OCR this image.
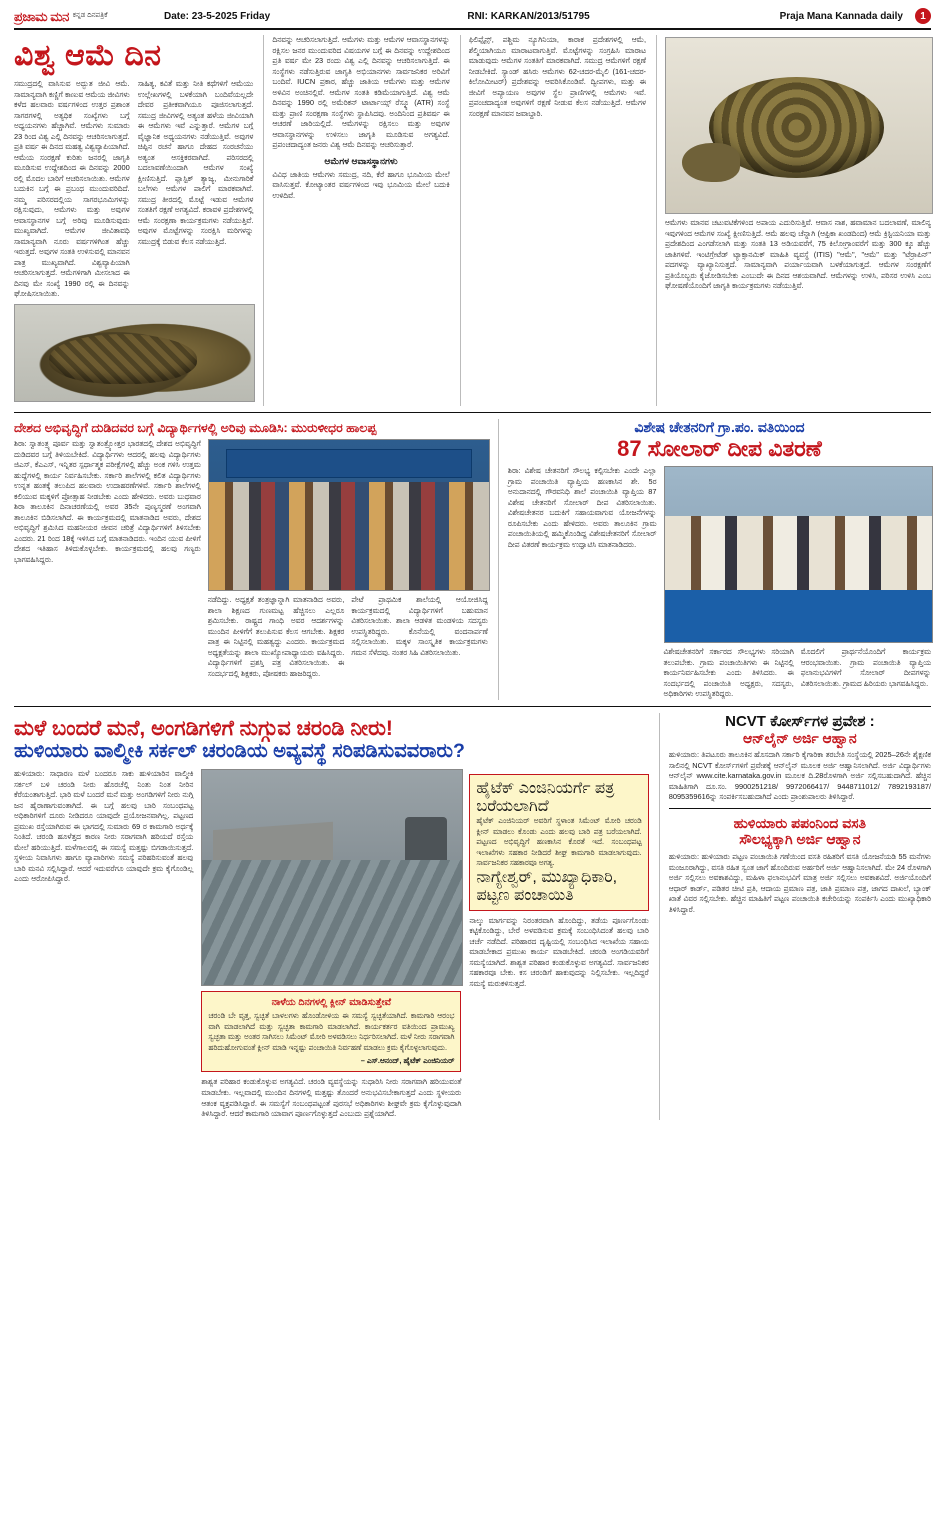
ಪ್ರಜಾಮ ಮನ ಕನ್ನಡ ದಿನಪತ್ರಿಕೆ	Date: 23-5-2025 Friday	RNI: KARKAN/2013/51795	Praja Mana Kannada daily	1
ವಿಶ್ವ ಆಮೆ ದಿನ
ಸಮುದ್ರದಲ್ಲಿ ವಾಸಿಸುವ ಅದ್ಭುತ ಜೀವಿ ಆಮೆ. ಸಾಮಾನ್ಯವಾಗಿ ಕಣ್ಣಿಗೆ ಕಾಣುವ ಆಮೆಯ ಜೀವಿಗಳು ಕಳೆದ ಹಲವಾರು ವರ್ಷಗಳಿಂದ ಉತ್ತರ ಪ್ರಶಾಂತ ಸಾಗರಗಳಲ್ಲಿ ಅತ್ಯಧಿಕ ಸಂಖ್ಯೆಗಳು ಬಗ್ಗೆ ಅಧ್ಯಯನಗಳು ಹೆಚ್ಚಾಗಿವೆ. ಆಮೆಗಳು ಸುಮಾರು 23 ರಿಂದ ವಿಶ್ವ ಎಲ್ಲಿ ದಿನವನ್ನು ಆಚರಿಸಲಾಗುತ್ತದೆ. ಪ್ರತಿ ವರ್ಷ ಈ ದಿನದ ಮಹತ್ವ ವಿಶ್ವವ್ಯಾಪಿಯಾಗಿದೆ. ಆಮೆಯ ಸಂರಕ್ಷಣೆ ಕುರಿತು ಜನರಲ್ಲಿ ಜಾಗೃತಿ ಮೂಡಿಸುವ ಉದ್ದೇಶದಿಂದ ಈ ದಿನವನ್ನು 2000 ರಲ್ಲಿ ಮೊದಲ ಬಾರಿಗೆ ಆಚರಿಸಲಾಯಿತು. ಆಮೆಗಳ ಬದುಕಿನ ಬಗ್ಗೆ ಈ ಪ್ರಬಂಧ ಮುಂದುವರಿದಿದೆ. ನಮ್ಮ ಪರಿಸರದಲ್ಲಿಯ ಸಾಗರಭೂಮಿಗಳನ್ನು ರಕ್ಷಿಸುವುದು, ಆಮೆಗಳು ಮತ್ತು ಅವುಗಳ ಆವಾಸಸ್ಥಾನಗಳ ಬಗ್ಗೆ ಅರಿವು ಮೂಡಿಸುವುದು ಮುಖ್ಯವಾಗಿದೆ. ಆಮೆಗಳ ಜೀವಿತಾವಧಿ ಸಾಮಾನ್ಯವಾಗಿ ನೂರು ವರ್ಷಗಳಿಗಿಂತ ಹೆಚ್ಚು ಇರುತ್ತದೆ. ಅವುಗಳ ಸಂತತಿ ಉಳಿಸುವಲ್ಲಿ ಮಾನವನ ಪಾತ್ರ ಮುಖ್ಯವಾಗಿದೆ. ವಿಶ್ವವ್ಯಾಪಿಯಾಗಿ ಆಚರಿಸಲಾಗುತ್ತದೆ. ಆಮೆಗಳಿಗಾಗಿ ಮೀಸಲಾದ ಈ ದಿನವು ಮೇ ಸಂಖ್ಯೆ 1990 ರಲ್ಲಿ ಈ ದಿನವನ್ನು ಘೋಷಿಸಲಾಯಿತು.
ಸಾಹಿತ್ಯ, ಕವಿತೆ ಮತ್ತು ನೀತಿ ಕಥೆಗಳಿಗೆ ಆಮೆಯು ಉಲ್ಲೇಖಗಳಲ್ಲಿ ಬಳಕೆಯಾಗಿ ಬಂದಿವೆಯಲ್ಲದೇ ದೇವರ ಪ್ರತೀಕವಾಗಿಯೂ ಪೂಜಿಸಲಾಗುತ್ತದೆ. ಸಮುದ್ರ ಜೀವಿಗಳಲ್ಲಿ ಅತ್ಯಂತ ಹಳೆಯ ಜೀವಿಯಾಗಿ ಈ ಆಮೆಗಳು ಇವೆ ಎನ್ನುತ್ತಾರೆ. ಆಮೆಗಳ ಬಗ್ಗೆ ವೈಜ್ಞಾನಿಕ ಅಧ್ಯಯನಗಳು ನಡೆಯುತ್ತಿವೆ. ಅವುಗಳ ಚಿಪ್ಪಿನ ರಚನೆ ಹಾಗೂ ದೇಹದ ಸಂರಚನೆಯು ಅತ್ಯಂತ ಆಸಕ್ತಿಕರವಾಗಿದೆ. ಪರಿಸರದಲ್ಲಿ ಬದಲಾವಣೆಯಿಂದಾಗಿ ಆಮೆಗಳ ಸಂಖ್ಯೆ ಕ್ಷೀಣಿಸುತ್ತಿದೆ. ಪ್ಲಾಸ್ಟಿಕ್ ತ್ಯಾಜ್ಯ, ಮೀನುಗಾರಿಕೆ ಬಲೆಗಳು ಆಮೆಗಳ ಪಾಲಿಗೆ ಮಾರಕವಾಗಿವೆ. ಸಮುದ್ರ ತೀರದಲ್ಲಿ ಮೊಟ್ಟೆ ಇಡುವ ಆಮೆಗಳ ಸಂತತಿಗೆ ರಕ್ಷಣೆ ಅಗತ್ಯವಿದೆ. ಕರಾವಳಿ ಪ್ರದೇಶಗಳಲ್ಲಿ ಆಮೆ ಸಂರಕ್ಷಣಾ ಕಾರ್ಯಕ್ರಮಗಳು ನಡೆಯುತ್ತಿವೆ. ಅವುಗಳ ಮೊಟ್ಟೆಗಳನ್ನು ಸಂರಕ್ಷಿಸಿ ಮರಿಗಳನ್ನು ಸಮುದ್ರಕ್ಕೆ ಬಿಡುವ ಕೆಲಸ ನಡೆಯುತ್ತಿದೆ.
ದಿನವನ್ನು ಆಚರಿಸಲಾಗುತ್ತಿದೆ. ಆಮೆಗಳು ಮತ್ತು ಆಮೆಗಳ ಆವಾಸಸ್ಥಾನಗಳನ್ನು ರಕ್ಷಿಸಲ ಜನರ ಮುಂದುವರಿದ ವಿಷಯಗಳ ಬಗ್ಗೆ ಈ ದಿನವನ್ನು ಉದ್ದೇಶದಿಂದ ಪ್ರತಿ ವರ್ಷ ಮೇ 23 ರಂದು ವಿಶ್ವ ಎಲ್ಲಿ ದಿನವನ್ನು ಆಚರಿಸಲಾಗುತ್ತಿದೆ. ಈ ಸಂಸ್ಥೆಗಳು ನಡೆಸುತ್ತಿರುವ ಜಾಗೃತಿ ಅಭಿಯಾನಗಳು ಸಾರ್ವಜನಿಕರ ಅರಿವಿಗೆ ಬಂದಿವೆ. IUCN ಪ್ರಕಾರ, ಹೆಚ್ಚು ಜಾತಿಯ ಆಮೆಗಳು ಮತ್ತು ಆಮೆಗಳ ಅಳಿವಿನ ಅಂಚಿನಲ್ಲಿವೆ. ಆಮೆಗಳ ಸಂತತಿ ಕಡಿಮೆಯಾಗುತ್ತಿದೆ. ವಿಶ್ವ ಆಮೆ ದಿನವನ್ನು 1990 ರಲ್ಲಿ ಅಮೆರಿಕನ್ ಟಾರ್ಟಾಯ್ಸ್ ರೆಸ್ಕ್ಯೂ (ATR) ಸಂಸ್ಥೆ ಮತ್ತು ಪ್ರಾಣಿ ಸಂರಕ್ಷಣಾ ಸಂಸ್ಥೆಗಳು ಸ್ಥಾಪಿಸಿದವು. ಅಂದಿನಿಂದ ಪ್ರತಿವರ್ಷ ಈ ಆಚರಣೆ ಜಾರಿಯಲ್ಲಿದೆ. ಆಮೆಗಳನ್ನು ರಕ್ಷಿಸಲು ಮತ್ತು ಅವುಗಳ ಆವಾಸಸ್ಥಾನಗಳನ್ನು ಉಳಿಸಲು ಜಾಗೃತಿ ಮೂಡಿಸುವ ಅಗತ್ಯವಿದೆ. ಪ್ರಪಂಚದಾದ್ಯಂತ ಜನರು ವಿಶ್ವ ಆಮೆ ದಿನವನ್ನು ಆಚರಿಸುತ್ತಾರೆ.
ಆಮೆಗಳ ಆವಾಸಸ್ಥಾನಗಳು
ವಿವಿಧ ಜಾತಿಯ ಆಮೆಗಳು ಸಮುದ್ರ, ನದಿ, ಕೆರೆ ಹಾಗೂ ಭೂಮಿಯ ಮೇಲೆ ವಾಸಿಸುತ್ತವೆ. ಕೋಟ್ಯಾಂತರ ವರ್ಷಗಳಿಂದ ಇವು ಭೂಮಿಯ ಮೇಲೆ ಬದುಕಿ ಉಳಿದಿವೆ.
ಫಿಲಿಪ್ಪೈನ್ಸ್, ಪಶ್ಚಿಮ ನ್ಯೂಗಿನಿಯಾ, ಕಾರಾಕ ಪ್ರದೇಶಗಳಲ್ಲಿ ಆಮೆ, ಶೆಲ್ಮಿಯಾಗಿಯೂ ಮಾರಾಟವಾಗುತ್ತಿವೆ. ಮೊಟ್ಟೆಗಳನ್ನು ಸಂಗ್ರಹಿಸಿ ಮಾರಾಟ ಮಾಡುವುದು ಆಮೆಗಳ ಸಂತತಿಗೆ ಮಾರಕವಾಗಿದೆ. ಸಮುದ್ರ ಆಮೆಗಳಿಗೆ ರಕ್ಷಣೆ ನೀಡಬೇಕಿದೆ. ಸ್ಯಾಂಡ್ ಹಸಿರು ಆಮೆಗಳು 62-ಚದರ-ಮೈಲಿ (161-ಚದರ-ಕಿಲೋಮೀಟರ್) ಪ್ರದೇಶವನ್ನು ಆವರಿಸಿಕೊಂಡಿವೆ. ದ್ವೀಪಗಳು, ಮತ್ತು ಈ ಜೀವಿಗೆ ಅಪ್ಯಾಯಣ ಅವುಗಳ ಸ್ಥೆಲ ಪ್ರಾಣಿಗಳಲ್ಲಿ ಆಮೆಗಳು ಇವೆ. ಪ್ರಪಂಚದಾದ್ಯಂತ ಅವುಗಳಿಗೆ ರಕ್ಷಣೆ ನೀಡುವ ಕೆಲಸ ನಡೆಯುತ್ತಿದೆ. ಆಮೆಗಳ ಸಂರಕ್ಷಣೆ ಮಾನವನ ಜವಾಬ್ದಾರಿ.
ಆಮೆಗಳು ಮಾನವ ಚಟುವಟಿಕೆಗಳಿಂದ ಅಪಾಯ ಎದುರಿಸುತ್ತಿವೆ. ಆವಾಸ ನಾಶ, ಹವಾಮಾನ ಬದಲಾವಣೆ, ಮಾಲಿನ್ಯ ಇವುಗಳಿಂದ ಆಮೆಗಳ ಸಂಖ್ಯೆ ಕ್ಷೀಣಿಸುತ್ತಿದೆ. ಆಮೆ ಹಲವು ಚೆನ್ನಾಗಿ (ಆಫ್ರಿಕಾ ಖಂಡದಿಂದ) ಆಮೆ ಕ್ರಿಸ್ಟಿಯನಿಯಾ ಮತ್ತು ಪ್ರದೇಶದಿಂದ ಎಂಗಡೆಸಲಾಗಿ ಮತ್ತು ಸಂತತಿ 13 ಅಡಿಯವರೆಗೆ, 75 ಕಿಲೋಗ್ರಾಂವರೆಗೆ ಮತ್ತು 300 ಕ್ಕೂ ಹೆಚ್ಚು ಜಾತಿಗಳಿವೆ. ಇಂಟಿಗ್ರೇಟೆಡ್ ಟ್ಯಾಕ್ಸಾನಮಿಕ್ ಮಾಹಿತಿ ವ್ಯವಸ್ಥೆ (ITIS) "ಆಮೆ", "ಆಮೆ" ಮತ್ತು "ಟೆರ್ರಾಪಿನ್" ಪದಗಳನ್ನು ವ್ಯಾಖ್ಯಾನಿಸುತ್ತದೆ. ಸಾಮಾನ್ಯವಾಗಿ ಪರ್ಯಾಯವಾಗಿ ಬಳಕೆಯಾಗುತ್ತದೆ. ಆಮೆಗಳ ಸಂರಕ್ಷಣೆಗೆ ಪ್ರತಿಯೊಬ್ಬರು ಕೈಜೋಡಿಸಬೇಕು ಎಂಬುದೇ ಈ ದಿನದ ಆಶಯವಾಗಿದೆ. ಆಮೆಗಳನ್ನು ಉಳಿಸಿ, ಪರಿಸರ ಉಳಿಸಿ ಎಂಬ ಘೋಷಣೆಯೊಂದಿಗೆ ಜಾಗೃತಿ ಕಾರ್ಯಕ್ರಮಗಳು ನಡೆಯುತ್ತಿವೆ.
ದೇಶದ ಅಭಿವೃದ್ಧಿಗೆ ದುಡಿದವರ ಬಗ್ಗೆ ವಿದ್ಯಾರ್ಥಿಗಳಲ್ಲಿ ಅರಿವು ಮೂಡಿಸಿ: ಮುರುಳೀಧರ ಹಾಲಪ್ಪ
ಶಿರಾ: ಸ್ವಾತಂತ್ರ್ಯ ಪೂರ್ವ ಮತ್ತು ಸ್ವಾತಂತ್ರ್ಯೋತ್ತರ ಭಾರತದಲ್ಲಿ ದೇಶದ ಅಭಿವೃದ್ಧಿಗೆ ದುಡಿದವರ ಬಗ್ಗೆ ತಿಳಿಯಬೇಕಿದೆ. ವಿದ್ಯಾರ್ಥಿಗಳು ಆದರಲ್ಲಿ ಹಲವು ವಿದ್ಯಾರ್ಥಿಗಳು ಜಿಎಸ್, ಕೆಎಎಸ್, ಇನ್ನಿತರ ಸ್ಪರ್ಧಾತ್ಮಕ ಪರೀಕ್ಷೆಗಳಲ್ಲಿ ಹೆಚ್ಚು ಅಂಕ ಗಳಿಸಿ ಉತ್ತಮ ಹುದ್ದೆಗಳಲ್ಲಿ ಕಾರ್ಯ ನಿರ್ವಹಿಸಬೇಕು. ಸರ್ಕಾರಿ ಶಾಲೆಗಳಲ್ಲಿ ಕಲಿತ ವಿದ್ಯಾರ್ಥಿಗಳು ಉನ್ನತ ಹಂತಕ್ಕೆ ತಲುಪಿದ ಹಲವಾರು ಉದಾಹರಣೆಗಳಿವೆ. ಸರ್ಕಾರಿ ಶಾಲೆಗಳಲ್ಲಿ ಕಲಿಯುವ ಮಕ್ಕಳಿಗೆ ಪ್ರೋತ್ಸಾಹ ನೀಡಬೇಕು ಎಂದು ಹೇಳಿದರು. ಅವರು ಬುಧವಾರ ಶಿರಾ ತಾಲೂಕಿನ ದಿನಾಚರಣೆಯಲ್ಲಿ ಅವರ 35ನೇ ಪುಣ್ಯಸ್ಮರಣೆ ಅಂಗವಾಗಿ ತಾಲೂಕಿನ ಬಿಡಿಸಲಾಗಿದೆ. ಈ ಕಾರ್ಯಕ್ರಮದಲ್ಲಿ ಮಾತನಾಡಿದ ಅವರು, ದೇಶದ ಅಭಿವೃದ್ಧಿಗೆ ಶ್ರಮಿಸಿದ ಮಹನೀಯರ ಜೀವನ ಚರಿತ್ರೆ ವಿದ್ಯಾರ್ಥಿಗಳಿಗೆ ತಿಳಿಸಬೇಕು ಎಂದರು. 21 ರಿಂದ 18ಕ್ಕೆ ಇಳಿಸಿದ ಬಗ್ಗೆ ಮಾತನಾಡಿದರು. ಇಂದಿನ ಯುವ ಪೀಳಿಗೆ ದೇಶದ ಇತಿಹಾಸ ತಿಳಿದುಕೊಳ್ಳಬೇಕು. ಕಾರ್ಯಕ್ರಮದಲ್ಲಿ ಹಲವು ಗಣ್ಯರು ಭಾಗವಹಿಸಿದ್ದರು.
ನಡೆದಿದ್ದು. ಅಧ್ಯಕ್ಷತೆ ತಂತ್ರಜ್ಞಾನ್ನಾಗಿ ಮಾತನಾಡಿದ ಅವರು, ಶಾಲಾ ಶಿಕ್ಷಣದ ಗುಣಮಟ್ಟ ಹೆಚ್ಚಿಸಲು ಎಲ್ಲರೂ ಶ್ರಮಿಸಬೇಕು. ರಾಷ್ಟ್ರದ ಗಾಂಧಿ ಅವರ ಆದರ್ಶಗಳನ್ನು ಮುಂದಿನ ಪೀಳಿಗೆಗೆ ತಲುಪಿಸುವ ಕೆಲಸ ಆಗಬೇಕು. ಶಿಕ್ಷಕರ ಪಾತ್ರ ಈ ನಿಟ್ಟಿನಲ್ಲಿ ಮಹತ್ವದ್ದು ಎಂದರು. ಕಾರ್ಯಕ್ರಮದ ಅಧ್ಯಕ್ಷತೆಯನ್ನು ಶಾಲಾ ಮುಖ್ಯೋಪಾಧ್ಯಾಯರು ವಹಿಸಿದ್ದರು. ವಿದ್ಯಾರ್ಥಿಗಳಿಗೆ ಪ್ರಶಸ್ತಿ ಪತ್ರ ವಿತರಿಸಲಾಯಿತು. ಈ ಸಂದರ್ಭದಲ್ಲಿ ಶಿಕ್ಷಕರು, ಪೋಷಕರು ಹಾಜರಿದ್ದರು.
ಪೇಟೆ ಪ್ರಾಥಮಿಕ ಶಾಲೆಯಲ್ಲಿ ಆಯೋಜಿಸಿದ್ದ ಕಾರ್ಯಕ್ರಮದಲ್ಲಿ ವಿದ್ಯಾರ್ಥಿಗಳಿಗೆ ಬಹುಮಾನ ವಿತರಿಸಲಾಯಿತು. ಶಾಲಾ ಆಡಳಿತ ಮಂಡಳಿಯ ಸದಸ್ಯರು ಉಪಸ್ಥಿತರಿದ್ದರು. ಕೊನೆಯಲ್ಲಿ ವಂದನಾರ್ಪಣೆ ಸಲ್ಲಿಸಲಾಯಿತು. ಮಕ್ಕಳ ಸಾಂಸ್ಕೃತಿಕ ಕಾರ್ಯಕ್ರಮಗಳು ಗಮನ ಸೆಳೆದವು. ನಂತರ ಸಿಹಿ ವಿತರಿಸಲಾಯಿತು.
ವಿಶೇಷ ಚೇತನರಿಗೆ ಗ್ರಾ.ಪಂ. ವತಿಯಿಂದ
87 ಸೋಲಾರ್ ದೀಪ ವಿತರಣೆ
ಶಿರಾ: ವಿಶೇಷ ಚೇತನರಿಗೆ ಸೌಲಭ್ಯ ಕಲ್ಪಿಸಬೇಕು ಎಂದೇ ಎಲ್ಲಾ ಗ್ರಾಮ ಪಂಚಾಯಿತಿ ವ್ಯಾಪ್ತಿಯ ಹಣಕಾಸಿನ ಶೇ. 5ರ ಅನುದಾನದಲ್ಲಿ ಗೌರವನಿಧಿ ಶಾಲೆ ಪಂಚಾಯಿತಿ ವ್ಯಾಪ್ತಿಯ 87 ವಿಶೇಷ ಚೇತನರಿಗೆ ಸೋಲಾರ್ ದೀಪ ವಿತರಿಸಲಾಯಿತು. ವಿಶೇಷಚೇತನರ ಬದುಕಿಗೆ ಸಹಾಯವಾಗುವ ಯೋಜನೆಗಳನ್ನು ರೂಪಿಸಬೇಕು ಎಂದು ಹೇಳಿದರು. ಅವರು ತಾಲೂಕಿನ ಗ್ರಾಮ ಪಂಚಾಯಿತಿಯಲ್ಲಿ ಹಮ್ಮಿಕೊಂಡಿದ್ದ ವಿಶೇಷಚೇತನರಿಗೆ ಸೋಲಾರ್ ದೀಪ ವಿತರಣೆ ಕಾರ್ಯಕ್ರಮ ಉದ್ಘಾಟಿಸಿ ಮಾತನಾಡಿದರು.
ವಿಶೇಷಚೇತನರಿಗೆ ಸರ್ಕಾರದ ಸೌಲಭ್ಯಗಳು ಸರಿಯಾಗಿ ತಲುಪಬೇಕು. ಗ್ರಾಮ ಪಂಚಾಯಿತಿಗಳು ಈ ನಿಟ್ಟಿನಲ್ಲಿ ಕಾರ್ಯನಿರ್ವಹಿಸಬೇಕು ಎಂದು ತಿಳಿಸಿದರು. ಈ ಸಂದರ್ಭದಲ್ಲಿ ಪಂಚಾಯಿತಿ ಅಧ್ಯಕ್ಷರು, ಸದಸ್ಯರು, ಅಧಿಕಾರಿಗಳು ಉಪಸ್ಥಿತರಿದ್ದರು.
ಮೊದಲಿಗೆ ಪ್ರಾರ್ಥನೆಯೊಂದಿಗೆ ಕಾರ್ಯಕ್ರಮ ಆರಂಭವಾಯಿತು. ಗ್ರಾಮ ಪಂಚಾಯಿತಿ ವ್ಯಾಪ್ತಿಯ ಫಲಾನುಭವಿಗಳಿಗೆ ಸೋಲಾರ್ ದೀಪಗಳನ್ನು ವಿತರಿಸಲಾಯಿತು. ಗ್ರಾಮದ ಹಿರಿಯರು ಭಾಗವಹಿಸಿದ್ದರು.
ಮಳೆ ಬಂದರೆ ಮನೆ, ಅಂಗಡಿಗಳಿಗೆ ನುಗ್ಗುವ ಚರಂಡಿ ನೀರು!
ಹುಳಿಯಾರು ವಾಲ್ಮೀಕಿ ಸರ್ಕಲ್ ಚರಂಡಿಯ ಅವ್ಯವಸ್ಥೆ ಸರಿಪಡಿಸುವವರಾರು?
ಹುಳಿಯಾರು: ಸಾಧಾರಣ ಮಳೆ ಬಂದರೂ ಸಾಕು ಹುಳಿಯಾರಿನ ವಾಲ್ಮೀಕಿ ಸರ್ಕಲ್ ಬಳಿ ಚರಂಡಿ ನೀರು ಹೊರಚೆಲ್ಲಿ ನಿಂತು ನಿಂತ ನೀರಿನ ಕೆರೆಯಂತಾಗುತ್ತಿದೆ. ಭಾರಿ ಮಳೆ ಬಂದರೆ ಮನೆ ಮತ್ತು ಅಂಗಡಿಗಳಿಗೆ ನೀರು ನುಗ್ಗಿ ಜನ ಹೈರಾಣಾಗುವಂತಾಗಿದೆ. ಈ ಬಗ್ಗೆ ಹಲವು ಬಾರಿ ಸಂಬಂಧಪಟ್ಟ ಅಧಿಕಾರಿಗಳಿಗೆ ದೂರು ನೀಡಿದರೂ ಯಾವುದೇ ಪ್ರಯೋಜನವಾಗಿಲ್ಲ. ಪಟ್ಟಣದ ಪ್ರಮುಖ ರಸ್ತೆಯಾಗಿರುವ ಈ ಭಾಗದಲ್ಲಿ ಸುಮಾರು 69 ರ ಕಾಮಗಾರಿ ಅರ್ಧಕ್ಕೆ ನಿಂತಿದೆ. ಚರಂಡಿ ಹೂಳೆತ್ತದ ಕಾರಣ ನೀರು ಸರಾಗವಾಗಿ ಹರಿಯದೆ ರಸ್ತೆಯ ಮೇಲೆ ಹರಿಯುತ್ತಿದೆ. ಮಳೆಗಾಲದಲ್ಲಿ ಈ ಸಮಸ್ಯೆ ಮತ್ತಷ್ಟು ಬಿಗಡಾಯಿಸುತ್ತದೆ. ಸ್ಥಳೀಯ ನಿವಾಸಿಗಳು ಹಾಗೂ ವ್ಯಾಪಾರಿಗಳು ಸಮಸ್ಯೆ ಪರಿಹರಿಸುವಂತೆ ಹಲವು ಬಾರಿ ಮನವಿ ಸಲ್ಲಿಸಿದ್ದಾರೆ. ಆದರೆ ಇದುವರೆಗೂ ಯಾವುದೇ ಕ್ರಮ ಕೈಗೊಂಡಿಲ್ಲ ಎಂದು ಆರೋಪಿಸಿದ್ದಾರೆ.
ನಾಳೆಯ ದಿನಗಳಲ್ಲಿ ಕ್ಲೀನ್ ಮಾಡಿಸುತ್ತೇವೆ
ಚರಂಡಿ ಬೇ ವೃತ್ತ, ಸ್ವಚ್ಛತೆ ಬಾಳಲಗಳು ಹೊಂಡೋಳಿಯ ಈ ಸಮಸ್ಯೆ ಸ್ವಚ್ಛತೆಯಾಗಿದೆ. ಕಾಮಗಾರಿ ಆರಂಭ ವಾಗಿ ಮಾಡಲಾಗಿದೆ ಮತ್ತು ಸ್ವಚ್ಛತಾ ಕಾಮಗಾರಿ ಮಾಡಲಾಗಿದೆ. ಕಾರ್ಯಕರ್ತರ ವತಿಯಿಂದ ಪ್ರಾಮುಖ್ಯ ಸ್ವಚ್ಛತಾ ಮತ್ತು ಅಂತರ ಸಾಗಿಸಲು ಸಿಮೆಂಟ್ ಮೋರಿ ಅಳವಡಿಸಲು ನಿರ್ಧರಿಸಲಾಗಿದೆ. ಮಳೆ ನೀರು ಸರಾಗವಾಗಿ ಹರಿದುಹೋಗುವಂತೆ ಕ್ಲೀನ್ ಮಾಡಿ ಇನ್ನಷ್ಟು ಪಂಚಾಯಿತಿ ನಿರ್ವಹಣೆ ಮಾಡಲು ಕ್ರಮ ಕೈಗೊಳ್ಳಲಾಗುವುದು.
– ಎಸ್.ಆನಂದ್, ಹೈಟೆಕ್ ಎಂಜಿನಿಯರ್
ಶಾಶ್ವತ ಪರಿಹಾರ ಕಂಡುಕೊಳ್ಳುವ ಅಗತ್ಯವಿದೆ. ಚರಂಡಿ ವ್ಯವಸ್ಥೆಯನ್ನು ಸುಧಾರಿಸಿ ನೀರು ಸರಾಗವಾಗಿ ಹರಿಯುವಂತೆ ಮಾಡಬೇಕು. ಇಲ್ಲವಾದಲ್ಲಿ ಮುಂದಿನ ದಿನಗಳಲ್ಲಿ ಮತ್ತಷ್ಟು ತೊಂದರೆ ಅನುಭವಿಸಬೇಕಾಗುತ್ತದೆ ಎಂದು ಸ್ಥಳೀಯರು ಆತಂಕ ವ್ಯಕ್ತಪಡಿಸಿದ್ದಾರೆ. ಈ ಸಮಸ್ಯೆಗೆ ಸಂಬಂಧಪಟ್ಟಂತೆ ಪುರಸಭೆ ಅಧಿಕಾರಿಗಳು ಶೀಘ್ರವೇ ಕ್ರಮ ಕೈಗೊಳ್ಳುವುದಾಗಿ ತಿಳಿಸಿದ್ದಾರೆ. ಆದರೆ ಕಾಮಗಾರಿ ಯಾವಾಗ ಪೂರ್ಣಗೊಳ್ಳುತ್ತದೆ ಎಂಬುದು ಪ್ರಶ್ನೆಯಾಗಿದೆ.
ಹೈಟೆಕ್ ಎಂಜಿನಿಯರ್ಗೆ ಪತ್ರ ಬರೆಯಲಾಗಿದೆ
ಹೈಟೆಕ್ ಎಂಜಿನಿಯರ್ ಅವರಿಗೆ ಸ್ಥಳಾಂತ ಸಿಮೆಂಟ್ ಮೋರಿ ಚರಂಡಿ ಕ್ಲೀನ್ ಮಾಡಲು ಕೊಂಡು ಎಂದು ಹಲವು ಬಾರಿ ಪತ್ರ ಬರೆಯಲಾಗಿದೆ. ಪಟ್ಟಣದ ಅಭಿವೃದ್ಧಿಗೆ ಹಣಕಾಸಿನ ಕೊರತೆ ಇದೆ. ಸಂಬಂಧಪಟ್ಟ ಇಲಾಖೆಗಳು ಸಹಕಾರ ನೀಡಿದರೆ ಶೀಘ್ರ ಕಾಮಗಾರಿ ಮಾಡಲಾಗುವುದು. ಸಾರ್ವಜನಿಕರ ಸಹಕಾರವೂ ಅಗತ್ಯ.
ನಾಗ್ಯೇಶ್ವರ್, ಮುಖ್ಯಾಧಿಕಾರಿ, ಪಟ್ಟಣ ಪಂಚಾಯಿತಿ
ನಾಲ್ಕು ಮಾರ್ಗವನ್ನು ನಿರಂತರವಾಗಿ ಹೊಂದಿದ್ದು, ತಡೆಯ ಪೂರ್ಣಗೊಂಡು ಕಟ್ಟಿಕೊಂಡಿದ್ದು, ಬೇರೆ ಅಳವಡಿಸುವ ಕ್ರಮಕ್ಕೆ ಸಂಬಂಧಿಸಿದಂತೆ ಹಲವು ಬಾರಿ ಚರ್ಚೆ ನಡೆದಿದೆ. ಪರಿಹಾರದ ದೃಷ್ಟಿಯಲ್ಲಿ ಸಂಬಂಧಿಸಿದ ಇಲಾಖೆಯ ಸಹಾಯ ಮಾಡಬೇಕಾದ ಪ್ರಮುಖ ಕಾರ್ಯ ಮಾಡಬೇಕಿದೆ. ಚರಂಡಿ ಅಂಗಡಿಯವರಿಗೆ ಸಮಸ್ಯೆಯಾಗಿದೆ. ಶಾಶ್ವತ ಪರಿಹಾರ ಕಂಡುಕೊಳ್ಳುವ ಅಗತ್ಯವಿದೆ. ಸಾರ್ವಜನಿಕರ ಸಹಕಾರವೂ ಬೇಕು. ಕಸ ಚರಂಡಿಗೆ ಹಾಕುವುದನ್ನು ನಿಲ್ಲಿಸಬೇಕು. ಇಲ್ಲದಿದ್ದರೆ ಸಮಸ್ಯೆ ಮರುಕಳಿಸುತ್ತದೆ.
NCVT ಕೋರ್ಸ್‌ಗಳ ಪ್ರವೇಶ :
ಆನ್‌ಲೈನ್ ಅರ್ಜಿ ಆಹ್ವಾನ
ಹುಳಿಯಾರು: ತಿಪಟೂರು ತಾಲೂಕಿನ ಹೊಸದಾಗಿ ಸರ್ಕಾರಿ ಕೈಗಾರಿಕಾ ತರಬೇತಿ ಸಂಸ್ಥೆಯಲ್ಲಿ 2025–26ನೇ ಶೈಕ್ಷಣಿಕ ಸಾಲಿನಲ್ಲಿ NCVT ಕೋರ್ಸ್‌ಗಳಿಗೆ ಪ್ರವೇಶಕ್ಕೆ ಆನ್‌ಲೈನ್ ಮೂಲಕ ಅರ್ಜಿ ಆಹ್ವಾನಿಸಲಾಗಿದೆ. ಅರ್ಜಿ ವಿದ್ಯಾರ್ಥಿಗಳು ಆನ್‌ಲೈನ್ www.cite.karnataka.gov.in ಮೂಲಕ ದಿ.28ರೊಳಗಾಗಿ ಅರ್ಜಿ ಸಲ್ಲಿಸಬಹುದಾಗಿದೆ. ಹೆಚ್ಚಿನ ಮಾಹಿತಿಗಾಗಿ ದೂ.ಸಂ. 9900251218/ 9972066417/ 9448711012/ 7892193187/ 8095359616ನ್ನು ಸಂಪರ್ಕಿಸಬಹುದಾಗಿದೆ ಎಂದು ಪ್ರಾಂಶುಪಾಲರು ತಿಳಿಸಿದ್ದಾರೆ.
ಹುಳಿಯಾರು ಪಪಂನಿಂದ ವಸತಿ
ಸೌಲಭ್ಯಕ್ಕಾಗಿ ಅರ್ಜಿ ಆಹ್ವಾನ
ಹುಳಿಯಾರು: ಹುಳಿಯಾರು ಪಟ್ಟಣ ಪಂಚಾಯಿತಿ ಗಣೆಯಿಂದ ವಸತಿ ರಹಿತರಿಗೆ ವಸತಿ ಯೋಜನೆಯಡಿ 55 ಮನೆಗಳು ಮಂಜೂರಾಗಿದ್ದು, ವಸತಿ ರಹಿತ ಸ್ವಂತ ಜಾಗೆ ಹೊಂದಿರುವ ಅರ್ಹರಿಗೆ ಅರ್ಜಿ ಆಹ್ವಾನಿಸಲಾಗಿದೆ. ಮೇ 24 ರೊಳಗಾಗಿ ಅರ್ಜಿ ಸಲ್ಲಿಸಲು ಅವಕಾಶವಿದ್ದು, ಮಹಿಳಾ ಫಲಾನುಭವಿಗೆ ಮಾತ್ರ ಅರ್ಜಿ ಸಲ್ಲಿಸಲು ಅವಕಾಶವಿದೆ. ಅರ್ಜಿಯೊಂದಿಗೆ ಆಧಾರ್ ಕಾರ್ಡ್, ಪಡಿತರ ಚೀಟಿ ಪ್ರತಿ, ಆದಾಯ ಪ್ರಮಾಣ ಪತ್ರ, ಜಾತಿ ಪ್ರಮಾಣ ಪತ್ರ, ಜಾಗದ ದಾಖಲೆ, ಬ್ಯಾಂಕ್ ಖಾತೆ ವಿವರ ಸಲ್ಲಿಸಬೇಕು. ಹೆಚ್ಚಿನ ಮಾಹಿತಿಗೆ ಪಟ್ಟಣ ಪಂಚಾಯಿತಿ ಕಚೇರಿಯನ್ನು ಸಂಪರ್ಕಿಸಿ ಎಂದು ಮುಖ್ಯಾಧಿಕಾರಿ ತಿಳಿಸಿದ್ದಾರೆ.
